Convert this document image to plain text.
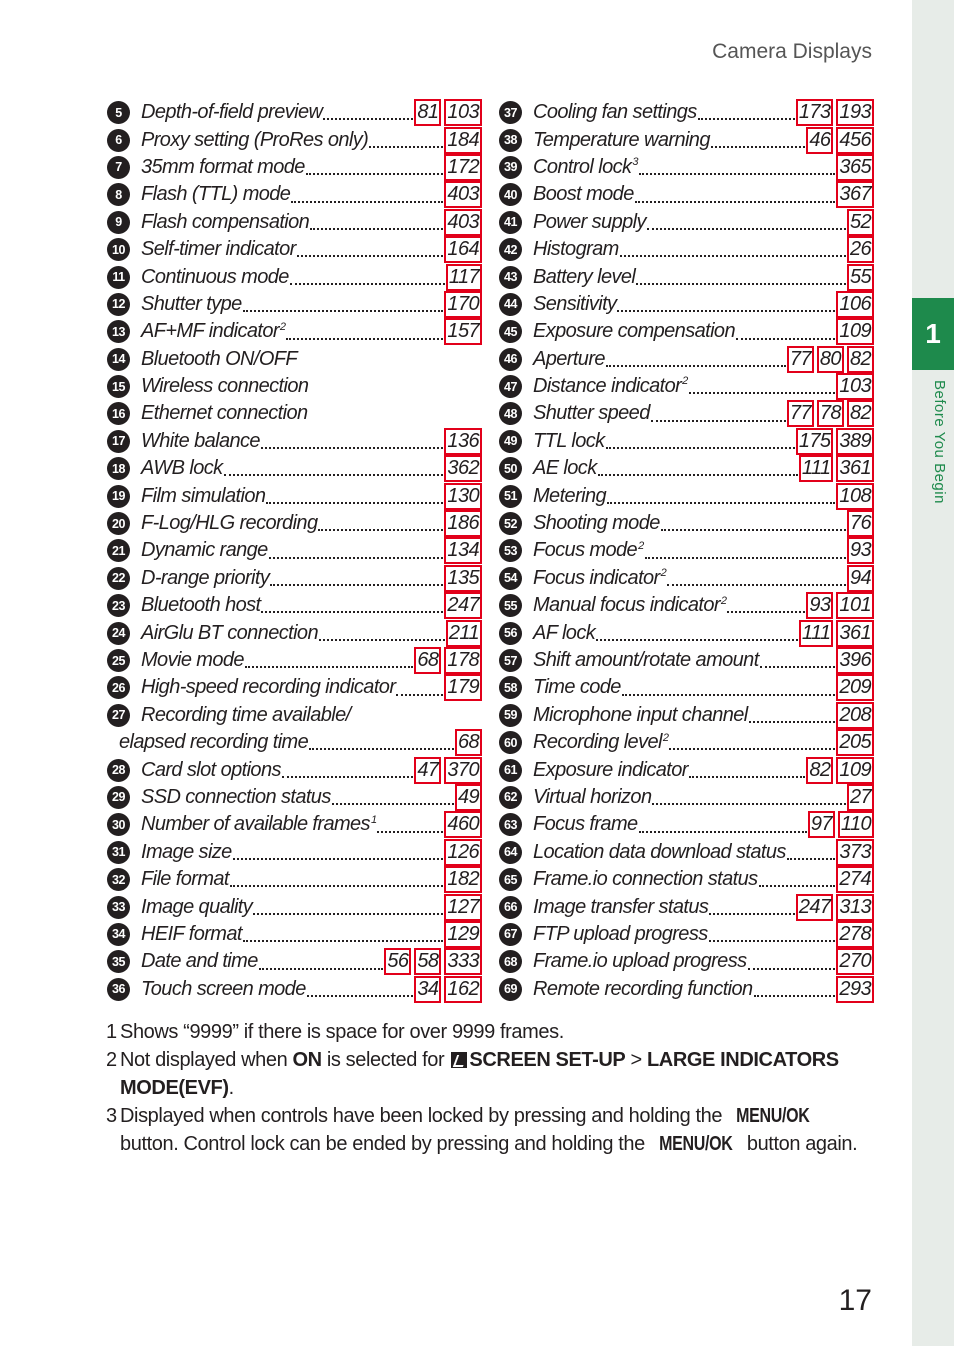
1
Before You Begin
Camera Displays
5 Depth-of-field preview	81 103
6 Proxy setting (ProRes only)	184
7 35mm format mode	172
8 Flash (TTL) mode	403
9 Flash compensation	403
10 Self-timer indicator	164
11 Continuous mode	117
12 Shutter type	170
13 AF+MF indicator$^2$	157
14 Bluetooth ON/OFF
15 Wireless connection
16 Ethernet connection
17 White balance	136
18 AWB lock	362
19 Film simulation	130
20 F-Log/HLG recording	186
21 Dynamic range	134
22 D-range priority	135
23 Bluetooth host	247
24 AirGlu BT connection	211
25 Movie mode	68 178
26 High-speed recording indicator	179
27 Recording time available/
elapsed recording time	68
28 Card slot options	47 370
29 SSD connection status	49
30 Number of available frames$^1$	460
31 Image size	126
32 File format	182
33 Image quality	127
34 HEIF format	129
35 Date and time	56 58 333
36 Touch screen mode	34 162
37 Cooling fan settings	173 193
38 Temperature warning	46 456
39 Control lock$^3$	365
40 Boost mode	367
41 Power supply	52
42 Histogram	26
43 Battery level	55
44 Sensitivity	106
45 Exposure compensation	109
46 Aperture	77 80 82
47 Distance indicator$^2$	103
48 Shutter speed	77 78 82
49 TTL lock	175 389
50 AE lock	111 361
51 Metering	108
52 Shooting mode	76
53 Focus mode$^2$	93
54 Focus indicator$^2$	94
55 Manual focus indicator$^2$	93 101
56 AF lock	111 361
57 Shift amount/rotate amount	396
58 Time code	209
59 Microphone input channel	208
60 Recording level$^2$	205
61 Exposure indicator	82 109
62 Virtual horizon	27
63 Focus frame	97 110
64 Location data download status	373
65 Frame.io connection status	274
66 Image transfer status	247 313
67 FTP upload progress	278
68 Frame.io upload progress	270
69 Remote recording function	293
1 Shows “9999” if there is space for over 9999 frames.
2 Not displayed when ON is selected for SCREEN SET-UP > LARGE INDICATORS MODE(EVF).
3 Displayed when controls have been locked by pressing and holding the MENU/OK button. Control lock can be ended by pressing and holding the MENU/OK button again.
17
